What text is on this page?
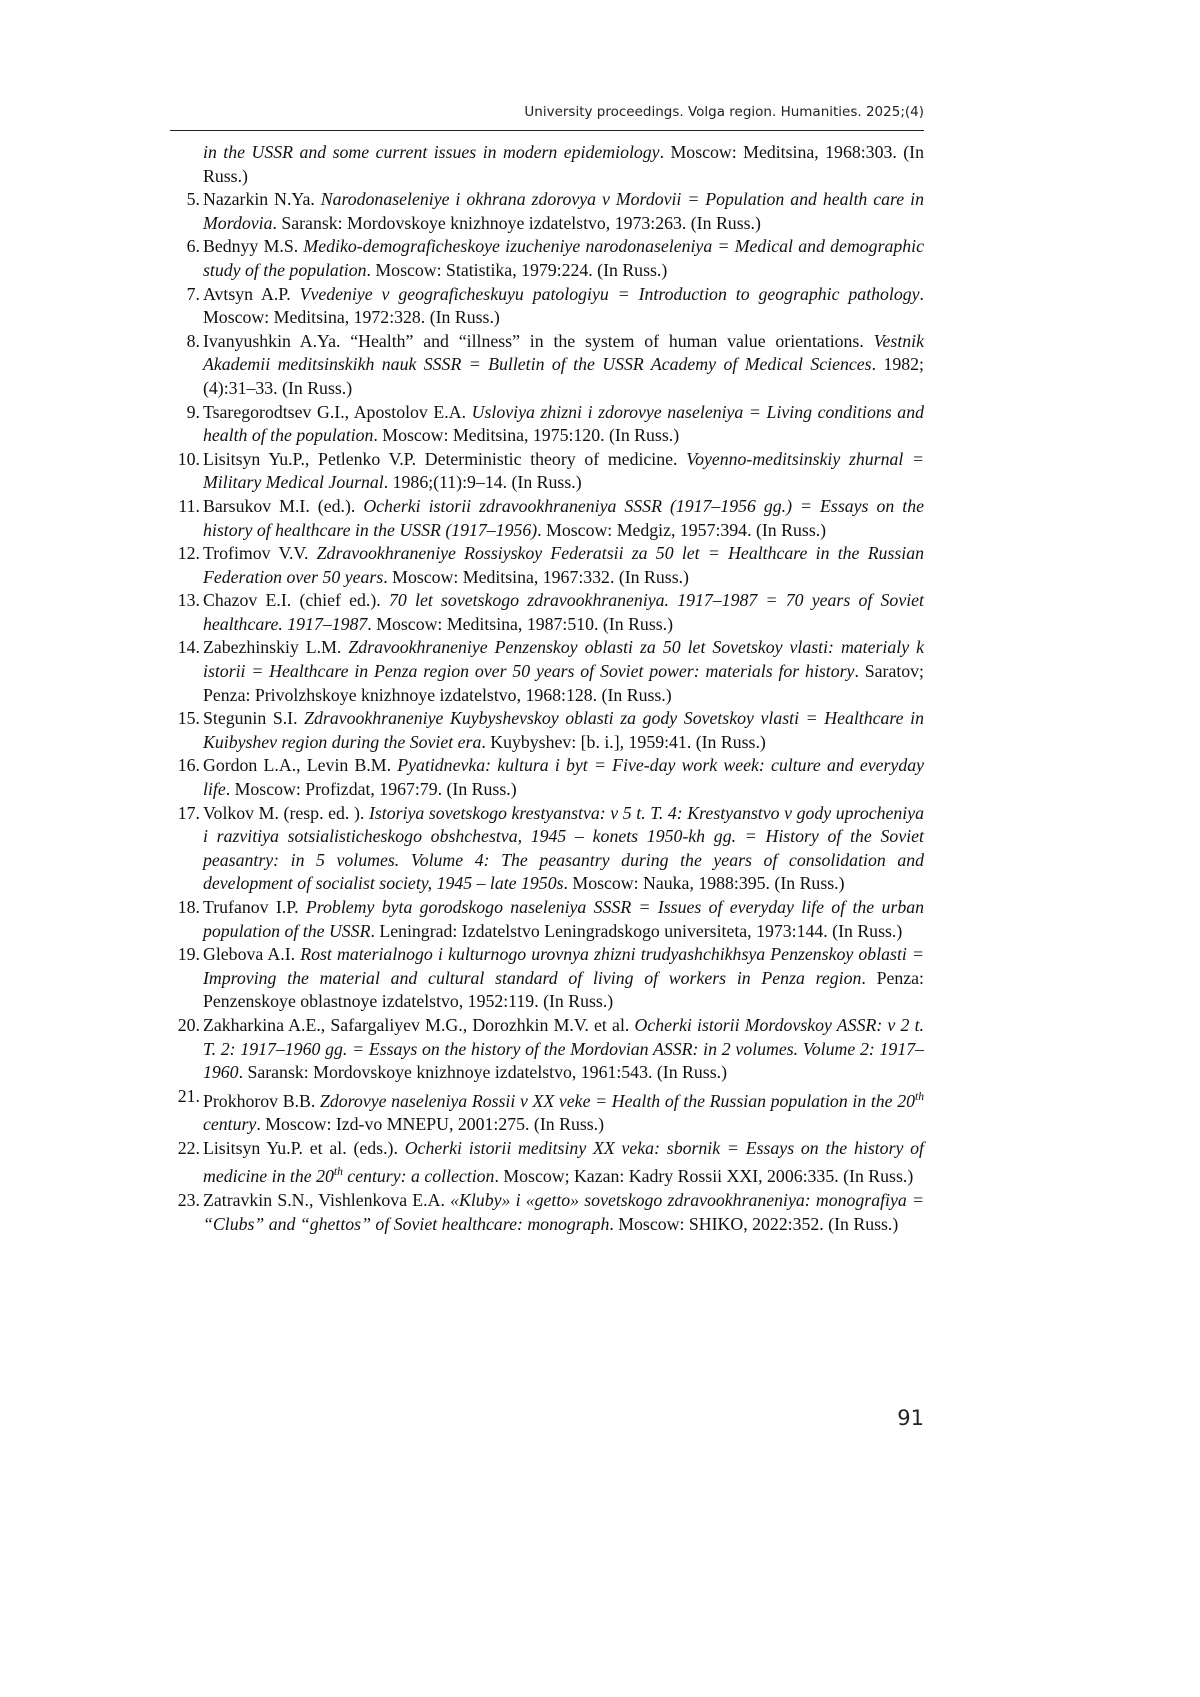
University proceedings. Volga region. Humanities. 2025;(4)
in the USSR and some current issues in modern epidemiology. Moscow: Meditsina, 1968:303. (In Russ.)
5. Nazarkin N.Ya. Narodonaseleniye i okhrana zdorovya v Mordovii = Population and health care in Mordovia. Saransk: Mordovskoye knizhnoye izdatelstvo, 1973:263. (In Russ.)
6. Bednyy M.S. Mediko-demograficheskoye izucheniye narodonaseleniya = Medical and demographic study of the population. Moscow: Statistika, 1979:224. (In Russ.)
7. Avtsyn A.P. Vvedeniye v geograficheskuyu patologiyu = Introduction to geographic pathology. Moscow: Meditsina, 1972:328. (In Russ.)
8. Ivanyushkin A.Ya. “Health” and “illness” in the system of human value orientations. Vestnik Akademii meditsinskikh nauk SSSR = Bulletin of the USSR Academy of Medical Sciences. 1982;(4):31–33. (In Russ.)
9. Tsaregorodtsev G.I., Apostolov E.A. Usloviya zhizni i zdorovye naseleniya = Living conditions and health of the population. Moscow: Meditsina, 1975:120. (In Russ.)
10. Lisitsyn Yu.P., Petlenko V.P. Deterministic theory of medicine. Voyenno-meditsinskiy zhurnal = Military Medical Journal. 1986;(11):9–14. (In Russ.)
11. Barsukov M.I. (ed.). Ocherki istorii zdravookhraneniya SSSR (1917–1956 gg.) = Essays on the history of healthcare in the USSR (1917–1956). Moscow: Medgiz, 1957:394. (In Russ.)
12. Trofimov V.V. Zdravookhraneniye Rossiyskoy Federatsii za 50 let = Healthcare in the Russian Federation over 50 years. Moscow: Meditsina, 1967:332. (In Russ.)
13. Chazov E.I. (chief ed.). 70 let sovetskogo zdravookhraneniya. 1917–1987 = 70 years of Soviet healthcare. 1917–1987. Moscow: Meditsina, 1987:510. (In Russ.)
14. Zabezhinskiy L.M. Zdravookhraneniye Penzenskoy oblasti za 50 let Sovetskoy vlasti: materialy k istorii = Healthcare in Penza region over 50 years of Soviet power: materials for history. Saratov; Penza: Privolzhskoye knizhnoye izdatelstvo, 1968:128. (In Russ.)
15. Stegunin S.I. Zdravookhraneniye Kuybyshevskoy oblasti za gody Sovetskoy vlasti = Healthcare in Kuibyshev region during the Soviet era. Kuybyshev: [b. i.], 1959:41. (In Russ.)
16. Gordon L.A., Levin B.M. Pyatidnevka: kultura i byt = Five-day work week: culture and everyday life. Moscow: Profizdat, 1967:79. (In Russ.)
17. Volkov M. (resp. ed. ). Istoriya sovetskogo krestyanstva: v 5 t. T. 4: Krestyanstvo v gody uprocheniya i razvitiya sotsialisticheskogo obshchestva, 1945 – konets 1950-kh gg. = History of the Soviet peasantry: in 5 volumes. Volume 4: The peasantry during the years of consolidation and development of socialist society, 1945 – late 1950s. Moscow: Nauka, 1988:395. (In Russ.)
18. Trufanov I.P. Problemy byta gorodskogo naseleniya SSSR = Issues of everyday life of the urban population of the USSR. Leningrad: Izdatelstvo Leningradskogo universiteta, 1973:144. (In Russ.)
19. Glebova A.I. Rost materialnogo i kulturnogo urovnya zhizni trudyashchikhsya Penzenskoy oblasti = Improving the material and cultural standard of living of workers in Penza region. Penza: Penzenskoye oblastnoye izdatelstvo, 1952:119. (In Russ.)
20. Zakharkina A.E., Safargaliyev M.G., Dorozhkin M.V. et al. Ocherki istorii Mordovskoy ASSR: v 2 t. T. 2: 1917–1960 gg. = Essays on the history of the Mordovian ASSR: in 2 volumes. Volume 2: 1917–1960. Saransk: Mordovskoye knizhnoye izdatelstvo, 1961:543. (In Russ.)
21. Prokhorov B.B. Zdorovye naseleniya Rossii v XX veke = Health of the Russian population in the 20th century. Moscow: Izd-vo MNEPU, 2001:275. (In Russ.)
22. Lisitsyn Yu.P. et al. (eds.). Ocherki istorii meditsiny XX veka: sbornik = Essays on the history of medicine in the 20th century: a collection. Moscow; Kazan: Kadry Rossii XXI, 2006:335. (In Russ.)
23. Zatravkin S.N., Vishlenkova E.A. «Kluby» i «getto» sovetskogo zdravookhraneniya: monografiya = “Clubs” and “ghettos” of Soviet healthcare: monograph. Moscow: SHIKO, 2022:352. (In Russ.)
91
